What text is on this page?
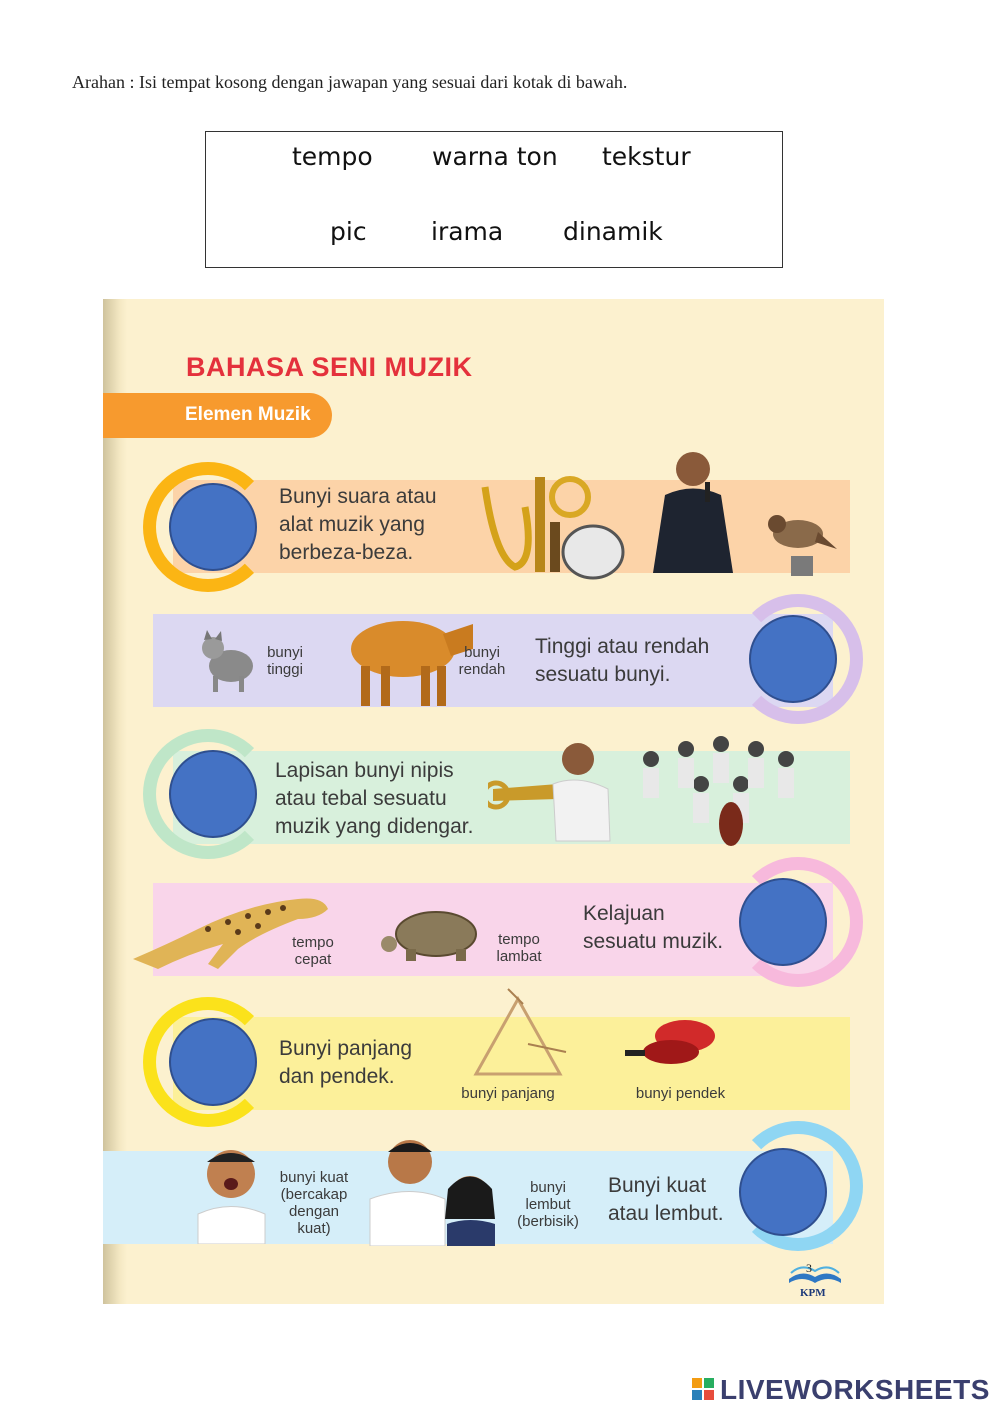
Arahan : Isi tempat kosong dengan jawapan yang sesuai dari kotak di bawah.
tempo warna ton tekstur
pic	irama dinamik
BAHASA SENI MUZIK
Elemen Muzik
Bunyi suara atau
alat muzik yang
berbeza-beza.
bunyi
tinggi
bunyi
rendah
Tinggi atau rendah
sesuatu bunyi.
Lapisan bunyi nipis
atau tebal sesuatu
muzik yang didengar.
tempo
cepat
tempo
lambat
Kelajuan
sesuatu muzik.
Bunyi panjang
dan pendek.
bunyi panjang	bunyi pendek
bunyi kuat
(bercakap
dengan
kuat)
bunyi
lembut
(berbisik)
Bunyi kuat
atau lembut.
3
KPM
LIVEWORKSHEETS
